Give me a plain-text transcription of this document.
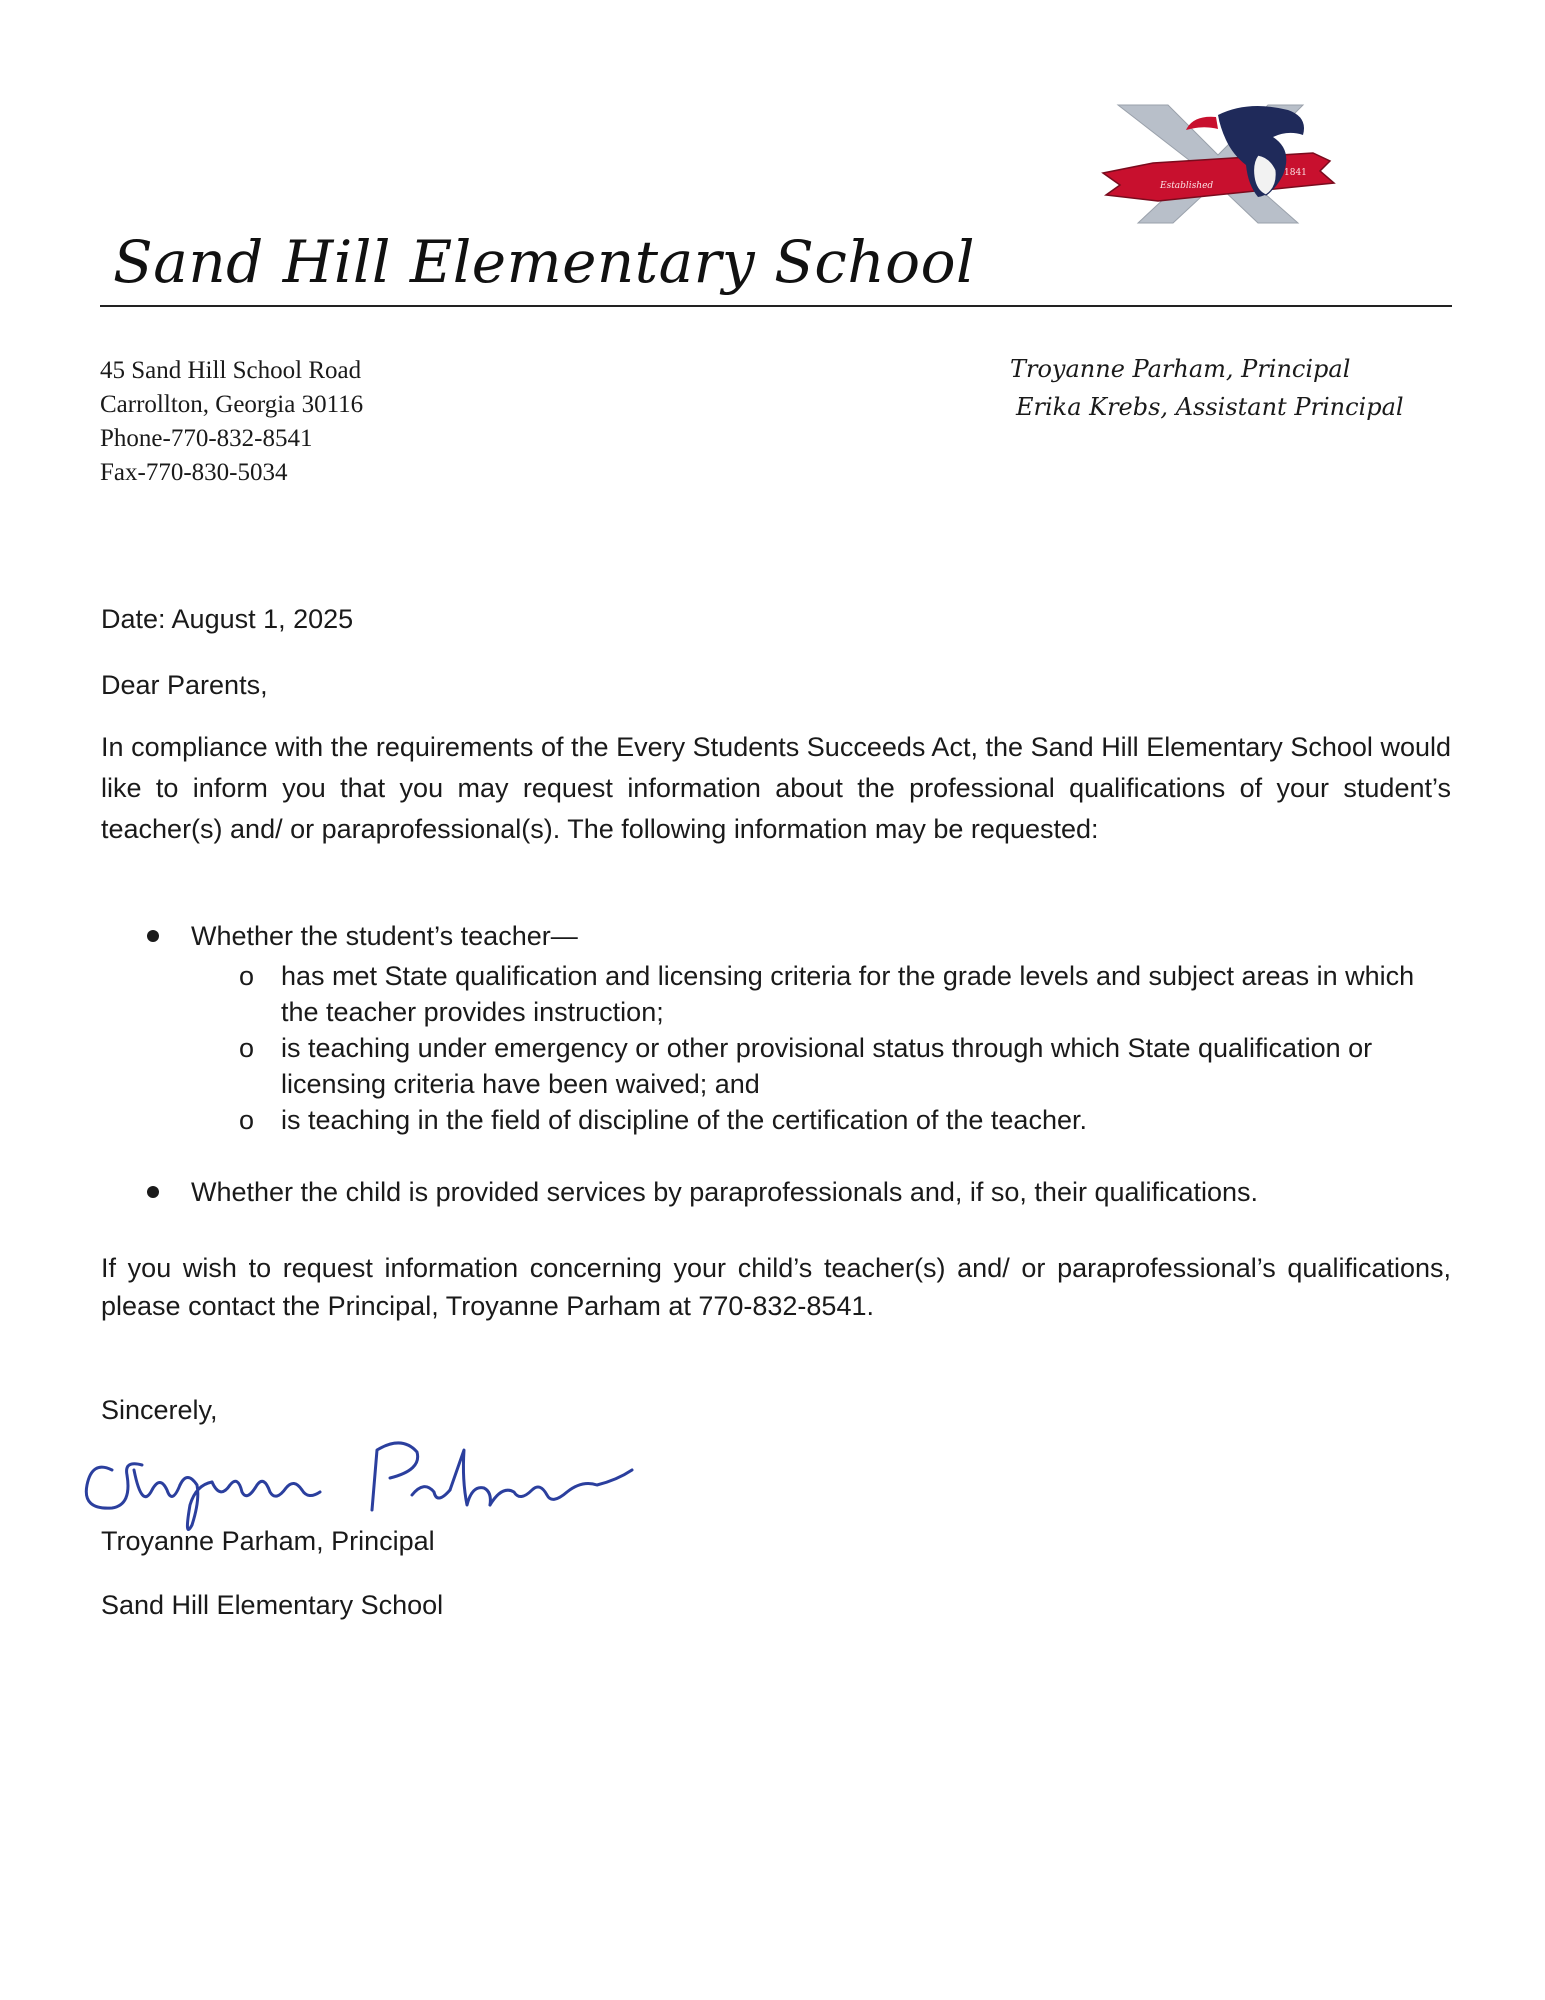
Established
1841
Sand Hill Elementary School
45 Sand Hill School Road
Carrollton, Georgia 30116
Phone-770-832-8541
Fax-770-830-5034
Troyanne Parham, Principal
Erika Krebs, Assistant Principal
Date: August 1, 2025
Dear Parents,
In compliance with the requirements of the Every Students Succeeds Act, the Sand Hill Elementary School would like to inform you that you may request information about the professional qualifications of your student’s teacher(s) and/ or paraprofessional(s). The following information may be requested:
Whether the student’s teacher—
o has met State qualification and licensing criteria for the grade levels and subject areas in which the teacher provides instruction;
o is teaching under emergency or other provisional status through which State qualification or licensing criteria have been waived; and
o is teaching in the field of discipline of the certification of the teacher.
Whether the child is provided services by paraprofessionals and, if so, their qualifications.
If you wish to request information concerning your child’s teacher(s) and/ or paraprofessional’s qualifications, please contact the Principal, Troyanne Parham at 770-832-8541.
Sincerely,
Troyanne Parham, Principal
Sand Hill Elementary School
